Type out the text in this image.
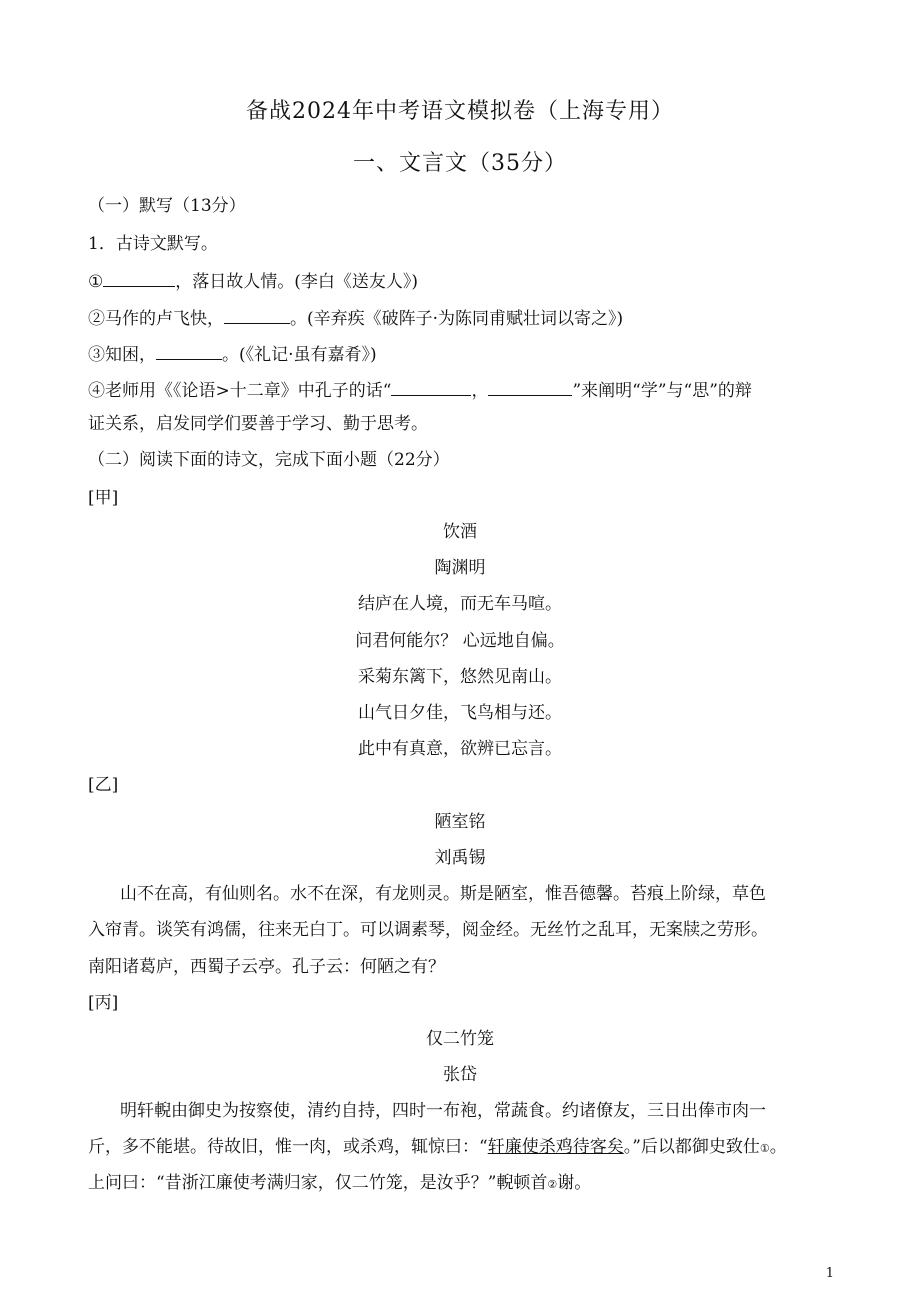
备战2024年中考语文模拟卷（上海专用）
一、文言文（35分）
（一）默写（13分）
1．古诗文默写。
①	，落日故人情。(李白《送友人》)
②马作的卢飞快，	。(辛弃疾《破阵子·为陈同甫赋壮词以寄之》)
③知困，	。(《礼记·虽有嘉肴》)
④老师用《《论语>十二章》中孔子的话“	，	”来阐明“学”与“思”的辩
证关系，启发同学们要善于学习、勤于思考。
（二）阅读下面的诗文，完成下面小题（22分）
[甲]
饮酒
陶渊明
结庐在人境，而无车马喧。
问君何能尔？ 心远地自偏。
采菊东篱下，悠然见南山。
山气日夕佳，飞鸟相与还。
此中有真意，欲辨已忘言。
[乙]
陋室铭
刘禹锡
山不在高，有仙则名。水不在深，有龙则灵。斯是陋室，惟吾德馨。苔痕上阶绿，草色
入帘青。谈笑有鸿儒，往来无白丁。可以调素琴，阅金经。无丝竹之乱耳，无案牍之劳形。
南阳诸葛庐，西蜀子云亭。孔子云：何陋之有？
[丙]
仅二竹笼
张岱
明轩輗由御史为按察使，清约自持，四时一布袍，常蔬食。约诸僚友，三日出俸市肉一
斤，多不能堪。待故旧，惟一肉，或杀鸡，辄惊曰：“轩廉使杀鸡待客矣。”后以都御史致仕①。
上问曰：“昔浙江廉使考满归家，仅二竹笼，是汝乎？”輗顿首②谢。
1
